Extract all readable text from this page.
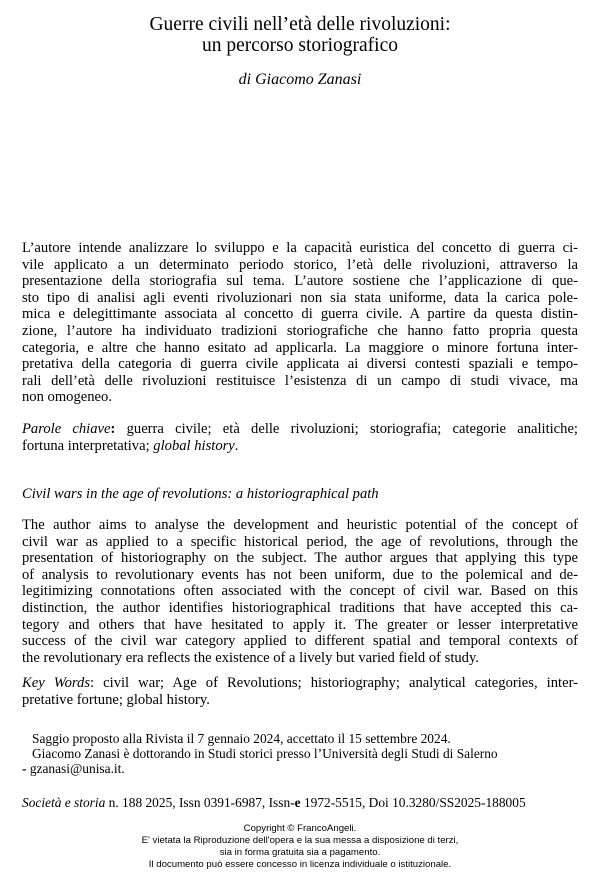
Guerre civili nell’età delle rivoluzioni:
un percorso storiografico
di Giacomo Zanasi
L’autore intende analizzare lo sviluppo e la capacità euristica del concetto di guerra ci-
vile applicato a un determinato periodo storico, l’età delle rivoluzioni, attraverso la
presentazione della storiografia sul tema. L’autore sostiene che l’applicazione di que-
sto tipo di analisi agli eventi rivoluzionari non sia stata uniforme, data la carica pole-
mica e delegittimante associata al concetto di guerra civile. A partire da questa distin-
zione, l’autore ha individuato tradizioni storiografiche che hanno fatto propria questa
categoria, e altre che hanno esitato ad applicarla. La maggiore o minore fortuna inter-
pretativa della categoria di guerra civile applicata ai diversi contesti spaziali e tempo-
rali dell’età delle rivoluzioni restituisce l’esistenza di un campo di studi vivace, ma
non omogeneo.
Parole chiave: guerra civile; età delle rivoluzioni; storiografia; categorie analitiche;
fortuna interpretativa; global history.
Civil wars in the age of revolutions: a historiographical path
The author aims to analyse the development and heuristic potential of the concept of
civil war as applied to a specific historical period, the age of revolutions, through the
presentation of historiography on the subject. The author argues that applying this type
of analysis to revolutionary events has not been uniform, due to the polemical and de-
legitimizing connotations often associated with the concept of civil war. Based on this
distinction, the author identifies historiographical traditions that have accepted this ca-
tegory and others that have hesitated to apply it. The greater or lesser interpretative
success of the civil war category applied to different spatial and temporal contexts of
the revolutionary era reflects the existence of a lively but varied field of study.
Key Words: civil war; Age of Revolutions; historiography; analytical categories, inter-
pretative fortune; global history.
Saggio proposto alla Rivista il 7 gennaio 2024, accettato il 15 settembre 2024.
Giacomo Zanasi è dottorando in Studi storici presso l’Università degli Studi di Salerno
- gzanasi@unisa.it.
Società e storia n. 188 2025, Issn 0391-6987, Issn-e 1972-5515, Doi 10.3280/SS2025-188005
Copyright © FrancoAngeli.
E' vietata la Riproduzione dell'opera e la sua messa a disposizione di terzi,
sia in forma gratuita sia a pagamento.
Il documento può essere concesso in licenza individuale o istituzionale.
